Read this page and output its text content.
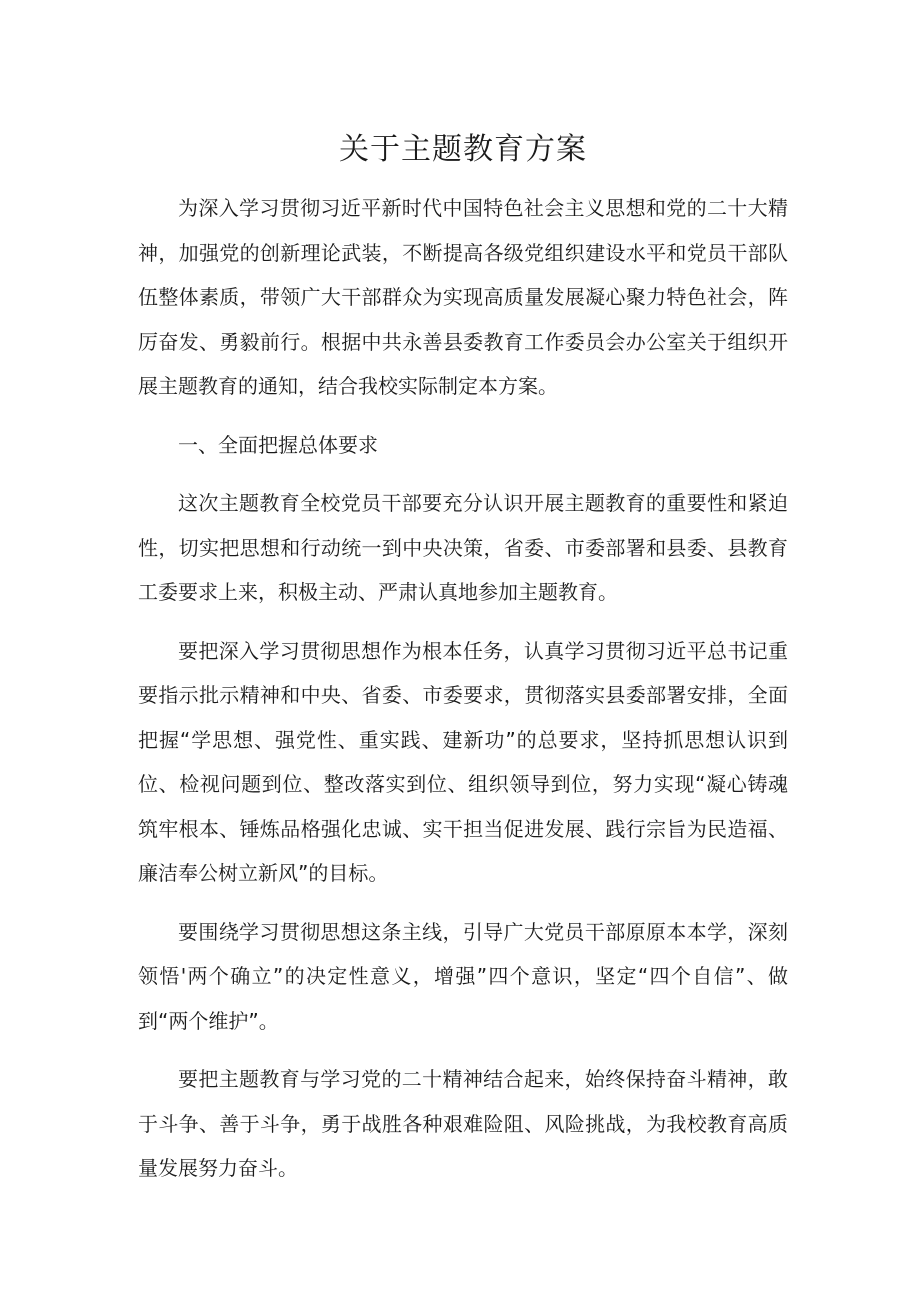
关于主题教育方案

为深入学习贯彻习近平新时代中国特色社会主义思想和党的二十大精神，加强党的创新理论武装，不断提高各级党组织建设水平和党员干部队伍整体素质，带领广大干部群众为实现高质量发展凝心聚力特色社会，阵厉奋发、勇毅前行。根据中共永善县委教育工作委员会办公室关于组织开展主题教育的通知，结合我校实际制定本方案。

一、全面把握总体要求

这次主题教育全校党员干部要充分认识开展主题教育的重要性和紧迫性，切实把思想和行动统一到中央决策，省委、市委部署和县委、县教育工委要求上来，积极主动、严肃认真地参加主题教育。

要把深入学习贯彻思想作为根本任务，认真学习贯彻习近平总书记重要指示批示精神和中央、省委、市委要求，贯彻落实县委部署安排，全面把握“学思想、强党性、重实践、建新功”的总要求，坚持抓思想认识到位、检视问题到位、整改落实到位、组织领导到位，努力实现“凝心铸魂筑牢根本、锤炼品格强化忠诚、实干担当促进发展、践行宗旨为民造福、廉洁奉公树立新风”的目标。

要围绕学习贯彻思想这条主线，引导广大党员干部原原本本学，深刻领悟'两个确立”的决定性意义，增强”四个意识，坚定“四个自信”、做到“两个维护”。

要把主题教育与学习党的二十精神结合起来，始终保持奋斗精神，敢于斗争、善于斗争，勇于战胜各种艰难险阻、风险挑战，为我校教育高质量发展努力奋斗。
